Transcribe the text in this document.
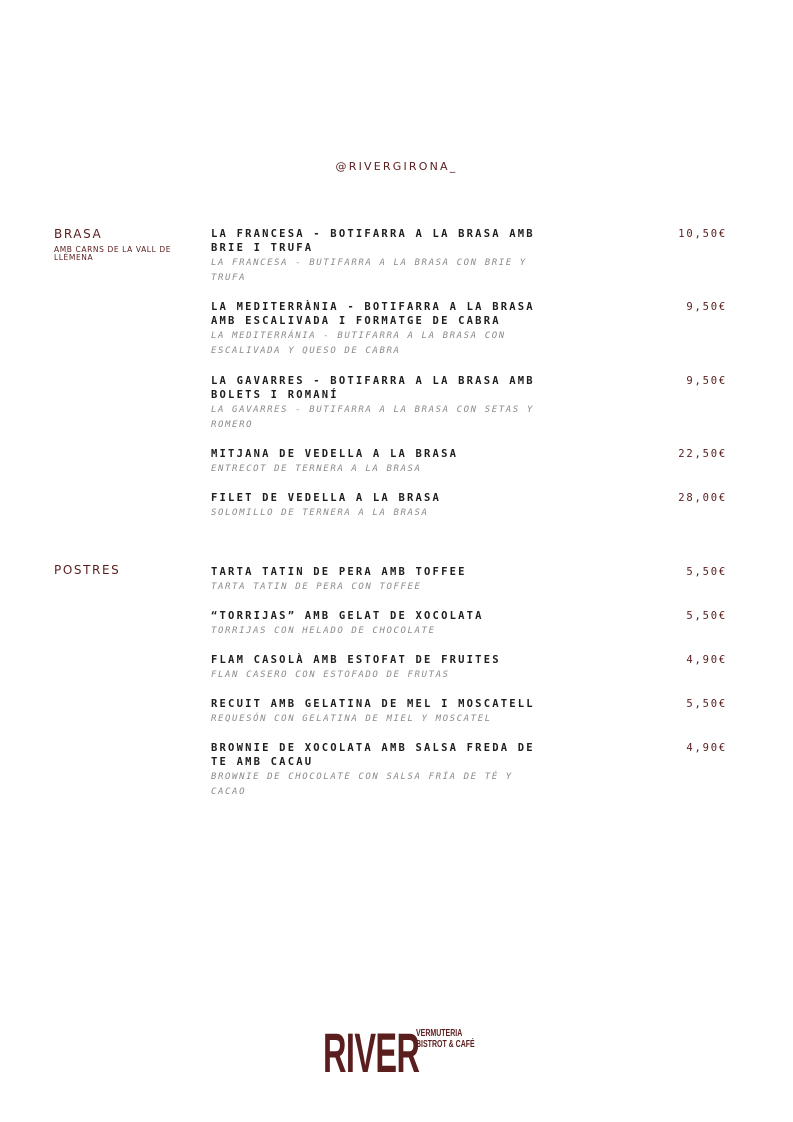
@RIVERGIRONA_
BRASA
AMB CARNS DE LA VALL DE LLÉMENA
LA FRANCESA - BOTIFARRA A LA BRASA AMB BRIE I TRUFA
LA FRANCESA - BUTIFARRA A LA BRASA CON BRIE Y TRUFA
10,50€
LA MEDITERRÀNIA - BOTIFARRA A LA BRASA AMB ESCALIVADA I FORMATGE DE CABRA
LA MEDITERRÁNIA - BUTIFARRA A LA BRASA CON ESCALIVADA Y QUESO DE CABRA
9,50€
LA GAVARRES - BOTIFARRA A LA BRASA AMB BOLETS I ROMANÍ
LA GAVARRES - BUTIFARRA A LA BRASA CON SETAS Y ROMERO
9,50€
MITJANA DE VEDELLA A LA BRASA
ENTRECOT DE TERNERA A LA BRASA
22,50€
FILET DE VEDELLA A LA BRASA
SOLOMILLO DE TERNERA A LA BRASA
28,00€
POSTRES	TARTA TATIN DE PERA AMB TOFFEE
TARTA TATIN DE PERA CON TOFFEE
5,50€
“TORRIJAS” AMB GELAT DE XOCOLATA
TORRIJAS CON HELADO DE CHOCOLATE
5,50€
FLAM CASOLÀ AMB ESTOFAT DE FRUITES
FLAN CASERO CON ESTOFADO DE FRUTAS
4,90€
RECUIT AMB GELATINA DE MEL I MOSCATELL
REQUESÓN CON GELATINA DE MIEL Y MOSCATEL
5,50€
BROWNIE DE XOCOLATA AMB SALSA FREDA DE TE AMB CACAU
BROWNIE DE CHOCOLATE CON SALSA FRÍA DE TÉ Y CACAO
4,90€
RIVER
VERMUTERIA
BISTROT & CAFÉ
